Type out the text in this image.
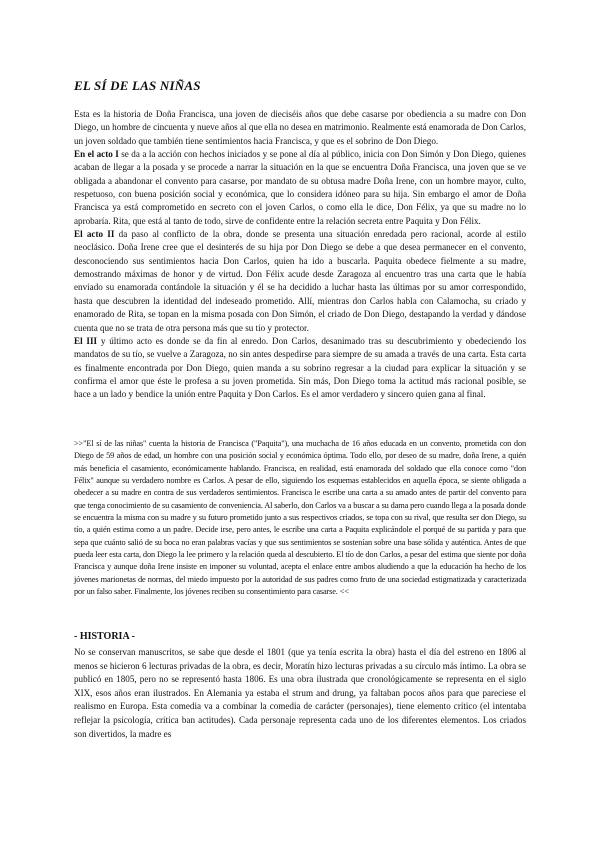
EL SÍ DE LAS NIÑAS

Esta es la historia de Doña Francisca, una joven de dieciséis años que debe casarse por obediencia a su madre con Don Diego, un hombre de cincuenta y nueve años al que ella no desea en matrimonio. Realmente está enamorada de Don Carlos, un joven soldado que también tiene sentimientos hacia Francisca, y que es el sobrino de Don Diego.

En el acto I se da a la acción con hechos iniciados y se pone al día al público, inicia con Don Simón y Don Diego, quienes acaban de llegar a la posada y se procede a narrar la situación en la que se encuentra Doña Francisca, una joven que se ve obligada a abandonar el convento para casarse, por mandato de su obtusa madre Doña Irene, con un hombre mayor, culto, respetuoso, con buena posición social y económica, que lo considera idóneo para su hija. Sin embargo el amor de Doña Francisca ya está comprometido en secreto con el joven Carlos, o como ella le dice, Don Félix, ya que su madre no lo aprobaría. Rita, que está al tanto de todo, sirve de confidente entre la relación secreta entre Paquita y Don Félix.

El acto II da paso al conflicto de la obra, donde se presenta una situación enredada pero racional, acorde al estilo neoclásico. Doña Irene cree que el desinterés de su hija por Don Diego se debe a que desea permanecer en el convento, desconociendo sus sentimientos hacia Don Carlos, quien ha ido a buscarla. Paquita obedece fielmente a su madre, demostrando máximas de honor y de virtud. Don Félix acude desde Zaragoza al encuentro tras una carta que le había enviado su enamorada contándole la situación y él se ha decidido a luchar hasta las últimas por su amor correspondido, hasta que descubren la identidad del indeseado prometido. Allí, mientras don Carlos habla con Calamocha, su criado y enamorado de Rita, se topan en la misma posada con Don Simón, el criado de Don Diego, destapando la verdad y dándose cuenta que no se trata de otra persona más que su tío y protector.

El III y último acto es donde se da fin al enredo. Don Carlos, desanimado tras su descubrimiento y obedeciendo los mandatos de su tío, se vuelve a Zaragoza, no sin antes despedirse para siempre de su amada a través de una carta. Esta carta es finalmente encontrada por Don Diego, quien manda a su sobrino regresar a la ciudad para explicar la situación y se confirma el amor que éste le profesa a su joven prometida. Sin más, Don Diego toma la actitud más racional posible, se hace a un lado y bendice la unión entre Paquita y Don Carlos. Es el amor verdadero y sincero quien gana al final.

>>"El sí de las niñas" cuenta la historia de Francisca ("Paquita"), una muchacha de 16 años educada en un convento, prometida con don Diego de 59 años de edad, un hombre con una posición social y económica óptima. Todo ello, por deseo de su madre, doña Irene, a quién más beneficia el casamiento, económicamente hablando. Francisca, en realidad, está enamorada del soldado que ella conoce como "don Félix" aunque su verdadero nombre es Carlos. A pesar de ello, siguiendo los esquemas establecidos en aquella época, se siente obligada a obedecer a su madre en contra de sus verdaderos sentimientos. Francisca le escribe una carta a su amado antes de partir del convento para que tenga conocimiento de su casamiento de conveniencia. Al saberlo, don Carlos va a buscar a su dama pero cuando llega a la posada donde se encuentra la misma con su madre y su futuro prometido junto a sus respectivos criados, se topa con su rival, que resulta ser don Diego, su tío, a quién estima como a un padre. Decide irse, pero antes, le escribe una carta a Paquita explicándole el porqué de su partida y para que sepa que cuánto salió de su boca no eran palabras vacías y que sus sentimientos se sostenían sobre una base sólida y auténtica. Antes de que pueda leer esta carta, don Diego la lee primero y la relación queda al descubierto. El tío de don Carlos, a pesar del estima que siente por doña Francisca y aunque doña Irene insiste en imponer su voluntad, acepta el enlace entre ambos aludiendo a que la educación ha hecho de los jóvenes marionetas de normas, del miedo impuesto por la autoridad de sus padres como fruto de una sociedad estigmatizada y caracterizada por un falso saber. Finalmente, los jóvenes reciben su consentimiento para casarse. <<

- HISTORIA -

No se conservan manuscritos, se sabe que desde el 1801 (que ya tenía escrita la obra) hasta el día del estreno en 1806 al menos se hicieron 6 lecturas privadas de la obra, es decir, Moratín hizo lecturas privadas a su círculo más íntimo. La obra se publicó en 1805, pero no se representó hasta 1806. Es una obra ilustrada que cronológicamente se representa en el siglo XIX, esos años eran ilustrados. En Alemania ya estaba el strum and drung, ya faltaban pocos años para que pareciese el realismo en Europa. Esta comedia va a combinar la comedia de carácter (personajes), tiene elemento crítico (el intentaba reflejar la psicología, critica ban actitudes). Cada personaje representa cada uno de los diferentes elementos. Los criados son divertidos, la madre es
